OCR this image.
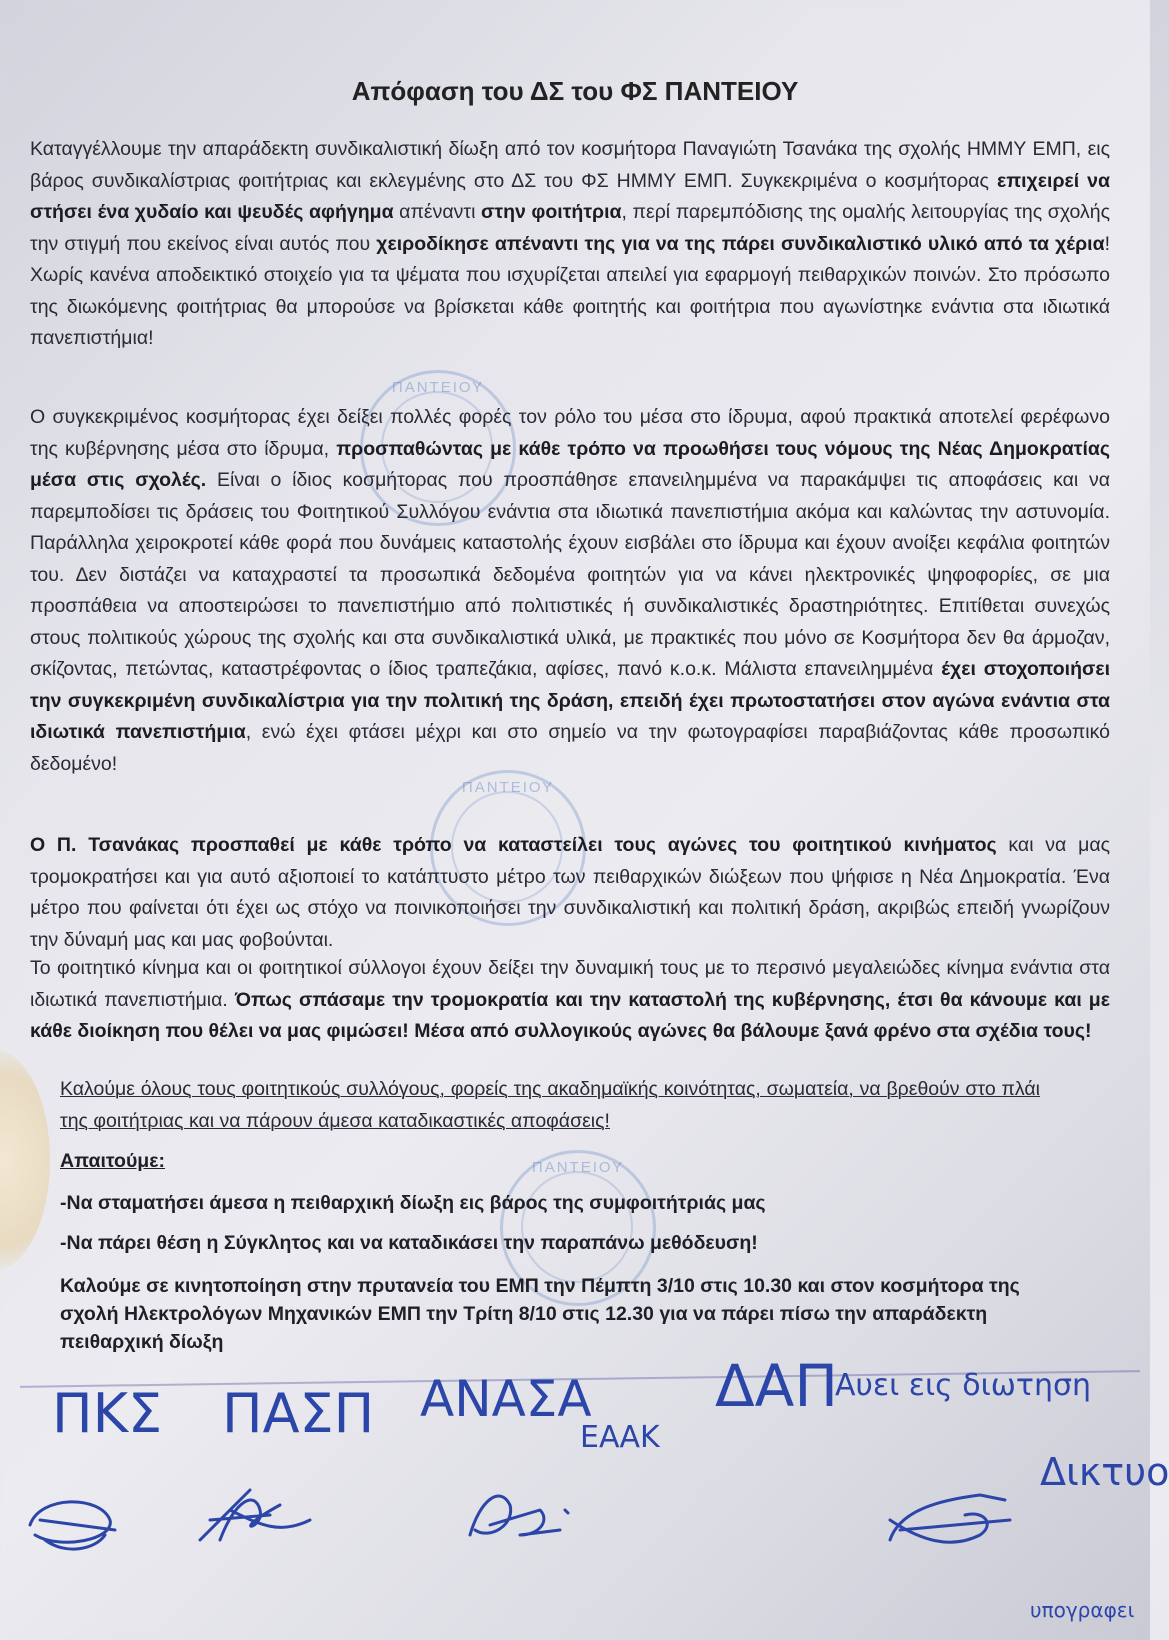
ΠΑΝΤΕΙΟΥ
ΠΑΝΤΕΙΟΥ
ΠΑΝΤΕΙΟΥ
Απόφαση του ΔΣ του ΦΣ ΠΑΝΤΕΙΟΥ

Καταγγέλλουμε την απαράδεκτη συνδικαλιστική δίωξη από τον κοσμήτορα Παναγιώτη Τσανάκα της σχολής ΗΜΜΥ ΕΜΠ, εις βάρος συνδικαλίστριας φοιτήτριας και εκλεγμένης στο ΔΣ του ΦΣ ΗΜΜΥ ΕΜΠ. Συγκεκριμένα ο κοσμήτορας επιχειρεί να στήσει ένα χυδαίο και ψευδές αφήγημα απέναντι στην φοιτήτρια, περί παρεμπόδισης της ομαλής λειτουργίας της σχολής την στιγμή που εκείνος είναι αυτός που χειροδίκησε απέναντι της για να της πάρει συνδικαλιστικό υλικό από τα χέρια! Χωρίς κανένα αποδεικτικό στοιχείο για τα ψέματα που ισχυρίζεται απειλεί για εφαρμογή πειθαρχικών ποινών. Στο πρόσωπο της διωκόμενης φοιτήτριας θα μπορούσε να βρίσκεται κάθε φοιτητής και φοιτήτρια που αγωνίστηκε ενάντια στα ιδιωτικά πανεπιστήμια!

Ο συγκεκριμένος κοσμήτορας έχει δείξει πολλές φορές τον ρόλο του μέσα στο ίδρυμα, αφού πρακτικά αποτελεί φερέφωνο της κυβέρνησης μέσα στο ίδρυμα, προσπαθώντας με κάθε τρόπο να προωθήσει τους νόμους της Νέας Δημοκρατίας μέσα στις σχολές. Είναι ο ίδιος κοσμήτορας που προσπάθησε επανειλημμένα να παρακάμψει τις αποφάσεις και να παρεμποδίσει τις δράσεις του Φοιτητικού Συλλόγου ενάντια στα ιδιωτικά πανεπιστήμια ακόμα και καλώντας την αστυνομία. Παράλληλα χειροκροτεί κάθε φορά που δυνάμεις καταστολής έχουν εισβάλει στο ίδρυμα και έχουν ανοίξει κεφάλια φοιτητών του. Δεν διστάζει να καταχραστεί τα προσωπικά δεδομένα φοιτητών για να κάνει ηλεκτρονικές ψηφοφορίες, σε μια προσπάθεια να αποστειρώσει το πανεπιστήμιο από πολιτιστικές ή συνδικαλιστικές δραστηριότητες. Επιτίθεται συνεχώς στους πολιτικούς χώρους της σχολής και στα συνδικαλιστικά υλικά, με πρακτικές που μόνο σε Κοσμήτορα δεν θα άρμοζαν, σκίζοντας, πετώντας, καταστρέφοντας ο ίδιος τραπεζάκια, αφίσες, πανό κ.ο.κ. Μάλιστα επανειλημμένα έχει στοχοποιήσει την συγκεκριμένη συνδικαλίστρια για την πολιτική της δράση, επειδή έχει πρωτοστατήσει στον αγώνα ενάντια στα ιδιωτικά πανεπιστήμια, ενώ έχει φτάσει μέχρι και στο σημείο να την φωτογραφίσει παραβιάζοντας κάθε προσωπικό δεδομένο!

Ο Π. Τσανάκας προσπαθεί με κάθε τρόπο να καταστείλει τους αγώνες του φοιτητικού κινήματος και να μας τρομοκρατήσει και για αυτό αξιοποιεί το κατάπτυστο μέτρο των πειθαρχικών διώξεων που ψήφισε η Νέα Δημοκρατία. Ένα μέτρο που φαίνεται ότι έχει ως στόχο να ποινικοποιήσει την συνδικαλιστική και πολιτική δράση, ακριβώς επειδή γνωρίζουν την δύναμή μας και μας φοβούνται.

Το φοιτητικό κίνημα και οι φοιτητικοί σύλλογοι έχουν δείξει την δυναμική τους με το περσινό μεγαλειώδες κίνημα ενάντια στα ιδιωτικά πανεπιστήμια. Όπως σπάσαμε την τρομοκρατία και την καταστολή της κυβέρνησης, έτσι θα κάνουμε και με κάθε διοίκηση που θέλει να μας φιμώσει! Μέσα από συλλογικούς αγώνες θα βάλουμε ξανά φρένο στα σχέδια τους!

Καλούμε όλους τους φοιτητικούς συλλόγους, φορείς της ακαδημαϊκής κοινότητας, σωματεία, να βρεθούν στο πλάι της φοιτήτριας και να πάρουν άμεσα καταδικαστικές αποφάσεις!

Απαιτούμε:

-Να σταματήσει άμεσα η πειθαρχική δίωξη εις βάρος της συμφοιτήτριάς μας

-Να πάρει θέση η Σύγκλητος και να καταδικάσει την παραπάνω μεθόδευση!

Καλούμε σε κινητοποίηση στην πρυτανεία του ΕΜΠ την Πέμπτη 3/10 στις 10.30 και στον κοσμήτορα της σχολή Ηλεκτρολόγων Μηχανικών ΕΜΠ την Τρίτη 8/10 στις 12.30 για να πάρει πίσω την απαράδεκτη πειθαρχική δίωξη

ΠΚΣ ΠΑΣΠ ΑΝΑΣΑ
ΕΑΑΚ
ΔΑΠ
Αυει εις διωτηση
Δικτυο
υπογραφει
